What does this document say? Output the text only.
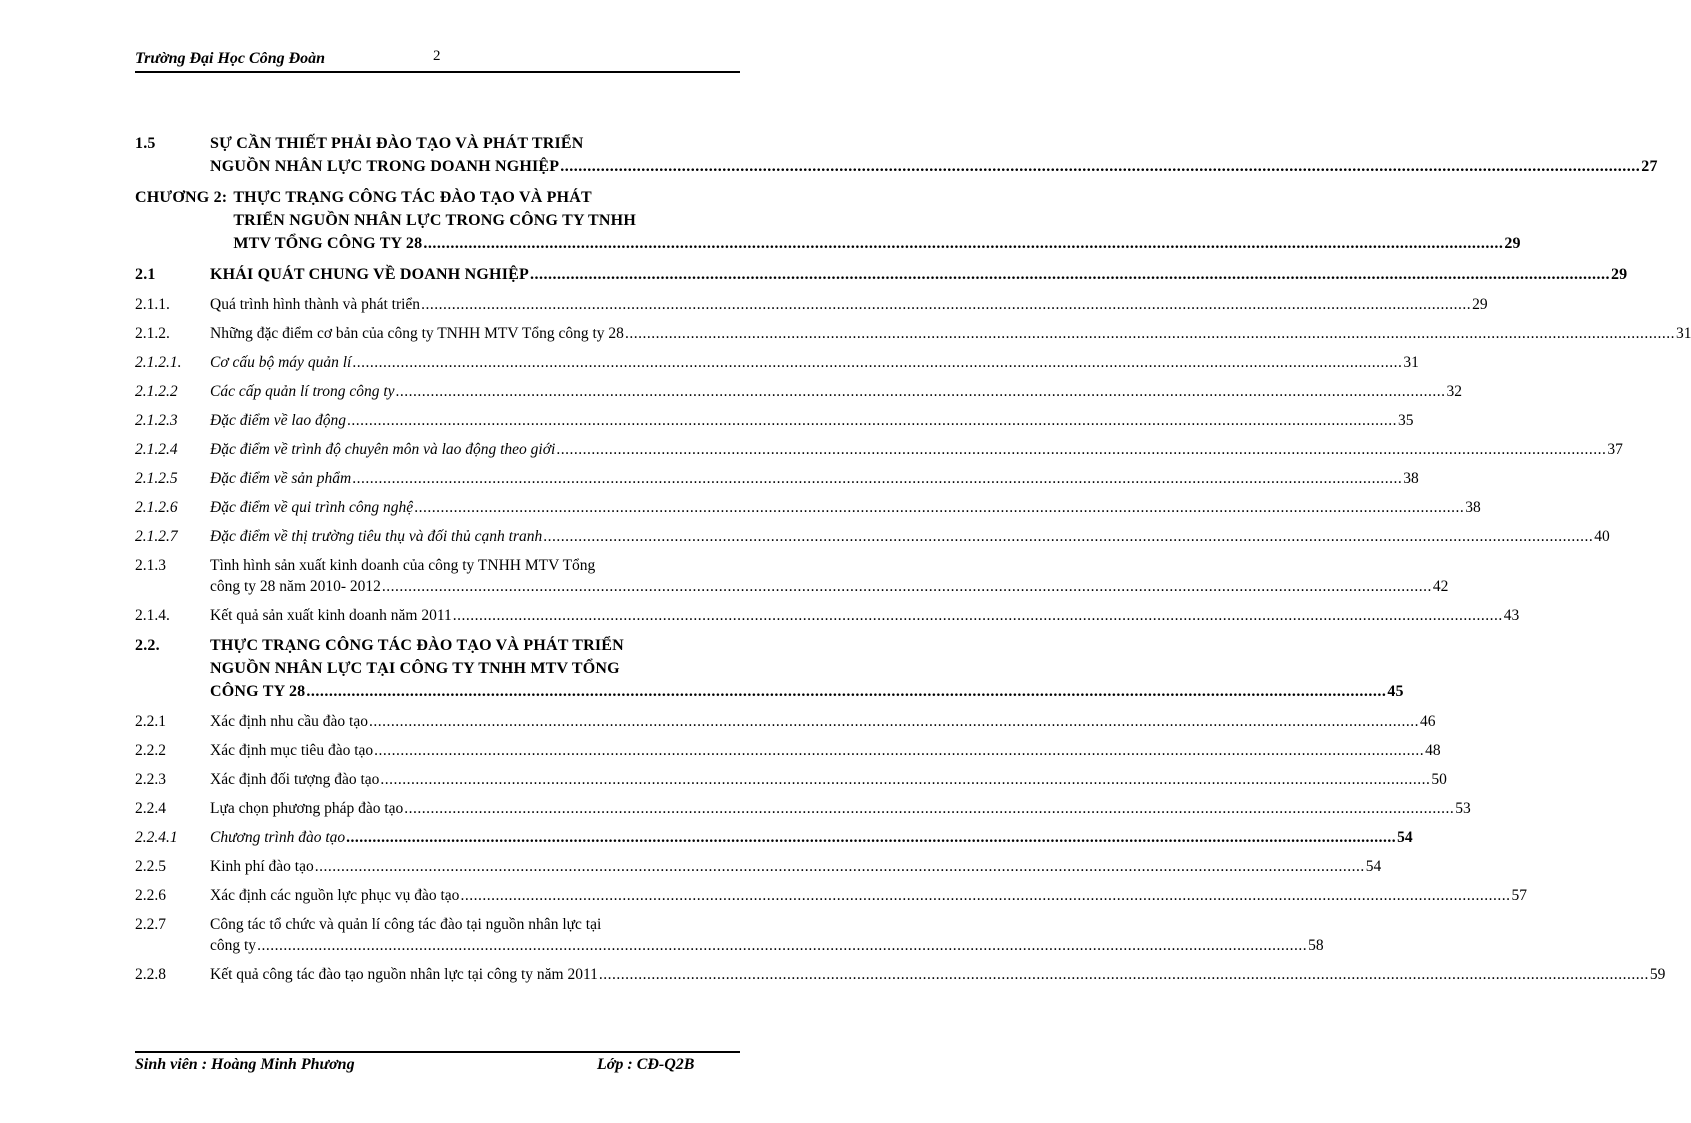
Trường Đại Học Công Đoàn	2
1.5	SỰ CẦN THIẾT PHẢI ĐÀO TẠO VÀ PHÁT TRIỂN
NGUỒN NHÂN LỰC TRONG DOANH NGHIỆP .....	27
CHƯƠNG 2: THỰC TRẠNG CÔNG TÁC ĐÀO TẠO VÀ PHÁT
TRIỂN NGUỒN NHÂN LỰC TRONG CÔNG TY TNHH
MTV TỔNG CÔNG TY 28 .....	29
2.1	KHÁI QUÁT CHUNG VỀ DOANH NGHIỆP .....	29
2.1.1.	Quá trình hình thành và phát triển .....	29
2.1.2.	Những đặc điểm cơ bản của công ty TNHH MTV Tổng công ty 28 .....	31
2.1.2.1.	Cơ cấu bộ máy quản lí .....	31
2.1.2.2	Các cấp quản lí trong công ty .....	32
2.1.2.3	Đặc điểm về lao động .....	35
2.1.2.4	Đặc điểm về trình độ chuyên môn và lao động theo giới .....	37
2.1.2.5	Đặc điểm về sản phẩm .....	38
2.1.2.6	Đặc điểm về qui trình công nghệ .....	38
2.1.2.7	Đặc điểm về thị trường tiêu thụ và đối thủ cạnh tranh .....	40
2.1.3	Tình hình sản xuất kinh doanh của công ty TNHH MTV Tổng
công ty 28 năm 2010- 2012 .....	42
2.1.4.	Kết quả sản xuất kinh doanh năm 2011 .....	43
2.2.	THỰC TRẠNG CÔNG TÁC ĐÀO TẠO VÀ PHÁT TRIỂN
NGUỒN NHÂN LỰC TẠI CÔNG TY TNHH MTV TỔNG
CÔNG TY 28 .....	45
2.2.1	Xác định nhu cầu đào tạo .....	46
2.2.2	Xác định mục tiêu đào tạo .....	48
2.2.3	Xác định đối tượng đào tạo .....	50
2.2.4	Lựa chọn phương pháp đào tạo .....	53
2.2.4.1	Chương trình đào tạo .....	54
2.2.5	Kinh phí đào tạo .....	54
2.2.6	Xác định các nguồn lực phục vụ đào tạo .....	57
2.2.7	Công tác tổ chức và quản lí công tác đào tại nguồn nhân lực tại
công ty .....	58
2.2.8	Kết quả công tác đào tạo nguồn nhân lực tại công ty năm 2011 .....	59
Sinh viên : Hoàng Minh Phương	Lớp : CĐ-Q2B
